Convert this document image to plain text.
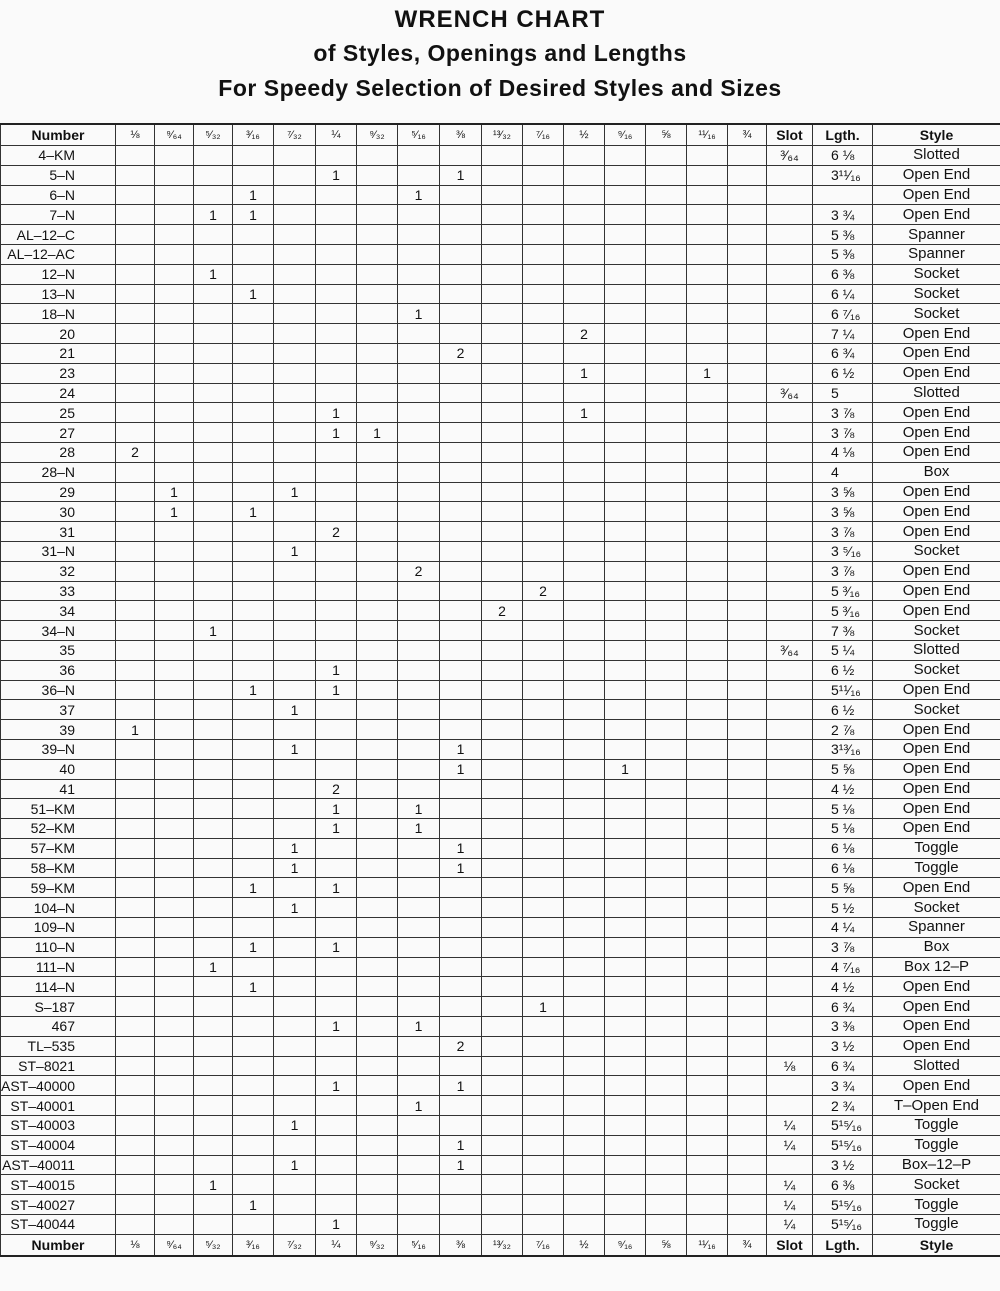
WRENCH CHART
of Styles, Openings and Lengths
For Speedy Selection of Desired Styles and Sizes
Number	⅛	⁹⁄₆₄	⁵⁄₃₂	³⁄₁₆	⁷⁄₃₂	¼	⁹⁄₃₂	⁵⁄₁₆	⅜	¹³⁄₃₂	⁷⁄₁₆	½	⁹⁄₁₆	⅝	¹¹⁄₁₆	¾	Slot	Lgth.	Style
4–KM																	³⁄₆₄	6 ⅛	Slotted
5–N						1			1									3¹¹⁄₁₆	Open End
6–N				1				1											Open End
7–N			1	1														3 ¾	Open End
AL–12–C																		5 ⅜	Spanner
AL–12–AC																		5 ⅜	Spanner
12–N			1															6 ⅜	Socket
13–N				1														6 ¼	Socket
18–N								1										6 ⁷⁄₁₆	Socket
20												2						7 ¼	Open End
21									2									6 ¾	Open End
23												1			1			6 ½	Open End
24																	³⁄₆₄	5	Slotted
25						1						1						3 ⅞	Open End
27						1	1											3 ⅞	Open End
28	2																	4 ⅛	Open End
28–N																		4	Box
29		1			1													3 ⅝	Open End
30		1		1														3 ⅝	Open End
31						2												3 ⅞	Open End
31–N					1													3 ⁵⁄₁₆	Socket
32								2										3 ⅞	Open End
33											2							5 ³⁄₁₆	Open End
34										2								5 ³⁄₁₆	Open End
34–N			1															7 ⅜	Socket
35																	³⁄₆₄	5 ¼	Slotted
36						1												6 ½	Socket
36–N				1		1												5¹¹⁄₁₆	Open End
37					1													6 ½	Socket
39	1																	2 ⅞	Open End
39–N					1				1									3¹³⁄₁₆	Open End
40									1				1					5 ⅝	Open End
41						2												4 ½	Open End
51–KM						1		1										5 ⅛	Open End
52–KM						1		1										5 ⅛	Open End
57–KM					1				1									6 ⅛	Toggle
58–KM					1				1									6 ⅛	Toggle
59–KM				1		1												5 ⅝	Open End
104–N					1													5 ½	Socket
109–N																		4 ¼	Spanner
110–N				1		1												3 ⅞	Box
111–N			1															4 ⁷⁄₁₆	Box 12–P
114–N				1														4 ½	Open End
S–187											1							6 ¾	Open End
467						1		1										3 ⅜	Open End
TL–535									2									3 ½	Open End
ST–8021																	⅛	6 ¾	Slotted
AST–40000						1			1									3 ¾	Open End
ST–40001								1										2 ¾	T–Open End
ST–40003					1												¼	5¹⁵⁄₁₆	Toggle
ST–40004									1								¼	5¹⁵⁄₁₆	Toggle
AST–40011					1				1									3 ½	Box–12–P
ST–40015			1														¼	6 ⅜	Socket
ST–40027				1													¼	5¹⁵⁄₁₆	Toggle
ST–40044						1											¼	5¹⁵⁄₁₆	Toggle
Number	⅛	⁹⁄₆₄	⁵⁄₃₂	³⁄₁₆	⁷⁄₃₂	¼	⁹⁄₃₂	⁵⁄₁₆	⅜	¹³⁄₃₂	⁷⁄₁₆	½	⁹⁄₁₆	⅝	¹¹⁄₁₆	¾	Slot	Lgth.	Style
